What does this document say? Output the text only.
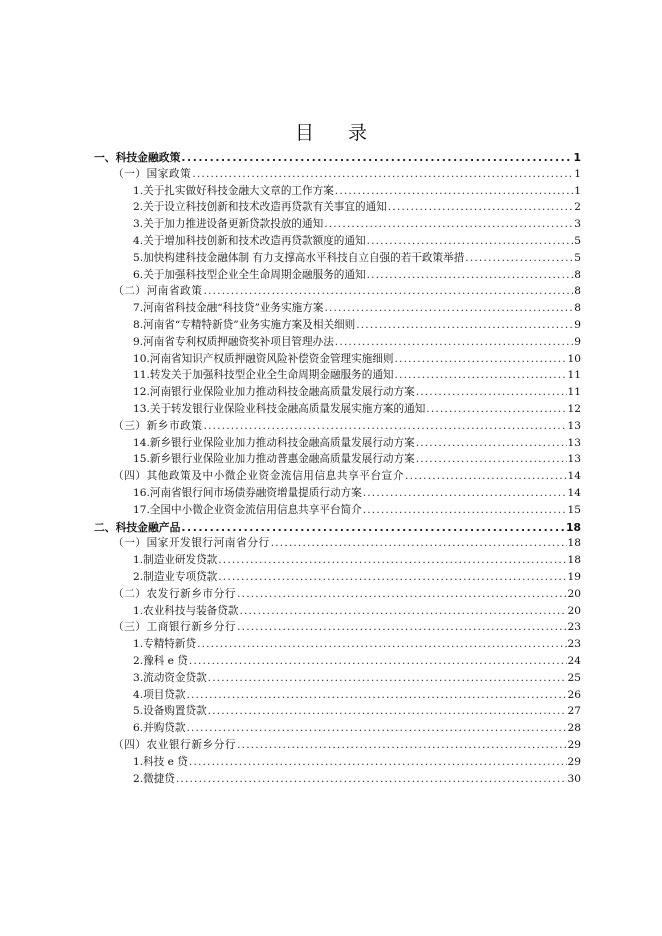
目 录
一、科技金融政策 . . .	1
（一）国家政策 . . .	1
1.关于扎实做好科技金融大文章的工作方案 . . .	1
2.关于设立科技创新和技术改造再贷款有关事宜的通知 . . .	2
3.关于加力推进设备更新贷款投放的通知 . . .	3
4.关于增加科技创新和技术改造再贷款额度的通知 . . .	5
5.加快构建科技金融体制 有力支撑高水平科技自立自强的若干政策举措 . . .	5
6.关于加强科技型企业全生命周期金融服务的通知 . . .	8
（二）河南省政策 . . .	8
7.河南省科技金融“科技贷”业务实施方案 . . .	8
8.河南省“专精特新贷”业务实施方案及相关细则 . . .	9
9.河南省专利权质押融资奖补项目管理办法 . . .	9
10.河南省知识产权质押融资风险补偿资金管理实施细则 . . .	10
11.转发关于加强科技型企业全生命周期金融服务的通知 . . .	11
12.河南银行业保险业加力推动科技金融高质量发展行动方案 . . .	11
13.关于转发银行业保险业科技金融高质量发展实施方案的通知 . . .	12
（三）新乡市政策 . . .	13
14.新乡银行业保险业加力推动科技金融高质量发展行动方案 . . .	13
15.新乡银行业保险业加力推动普惠金融高质量发展行动方案 . . .	13
（四）其他政策及中小微企业资金流信用信息共享平台宣介 . . .	14
16.河南省银行间市场债券融资增量提质行动方案 . . .	14
17.全国中小微企业资金流信用信息共享平台简介 . . .	15
二、科技金融产品 . . .	18
（一）国家开发银行河南省分行 . . .	18
1.制造业研发贷款 . . .	18
2.制造业专项贷款 . . .	19
（二）农发行新乡市分行 . . .	20
1.农业科技与装备贷款 . . .	20
（三）工商银行新乡分行 . . .	23
1.专精特新贷 . . .	23
2.豫科 e 贷 . . .	24
3.流动资金贷款 . . .	25
4.项目贷款 . . .	26
5.设备购置贷款 . . .	27
6.并购贷款 . . .	28
（四）农业银行新乡分行 . . .	29
1.科技 e 贷 . . .	29
2.微捷贷 . . .	30
